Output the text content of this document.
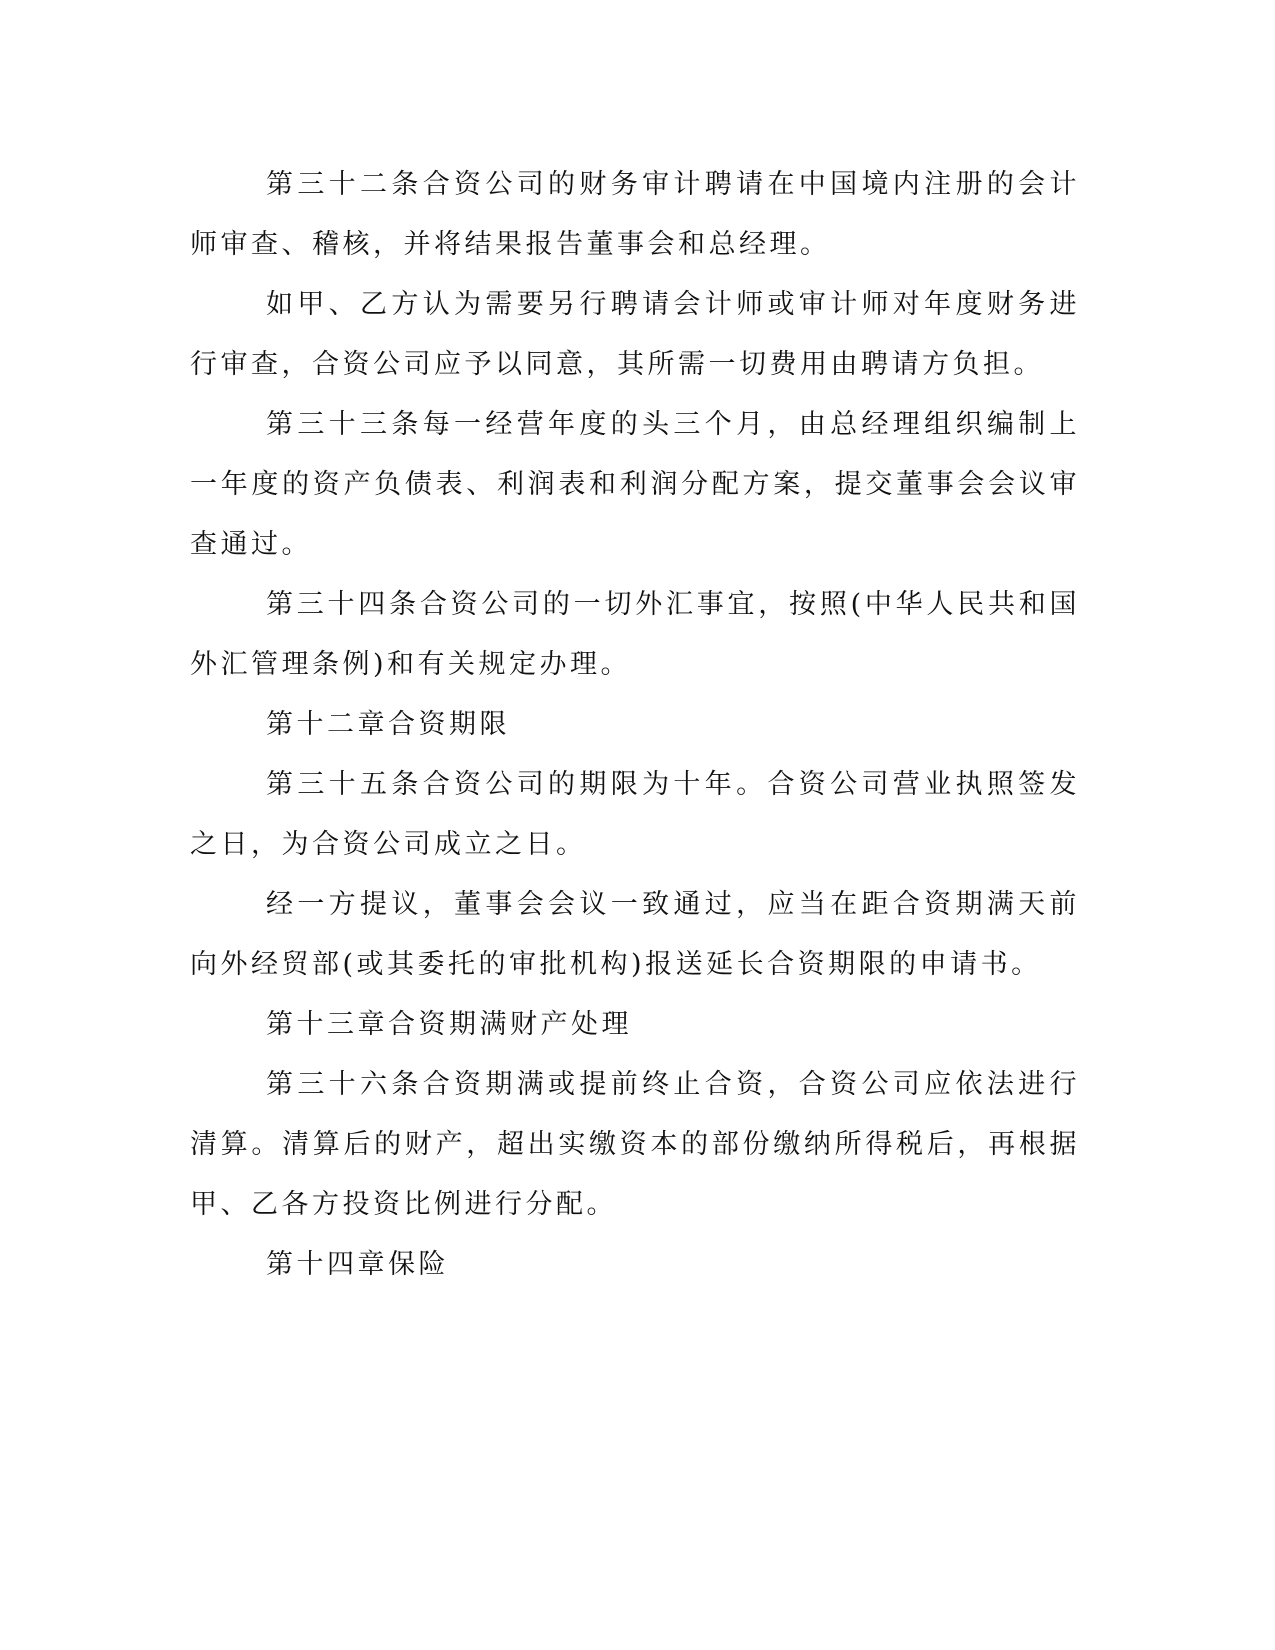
第三十二条合资公司的财务审计聘请在中国境内注册的会计师审查、稽核，并将结果报告董事会和总经理。

如甲、乙方认为需要另行聘请会计师或审计师对年度财务进行审查，合资公司应予以同意，其所需一切费用由聘请方负担。

第三十三条每一经营年度的头三个月，由总经理组织编制上一年度的资产负债表、利润表和利润分配方案，提交董事会会议审查通过。

第三十四条合资公司的一切外汇事宜，按照(中华人民共和国外汇管理条例)和有关规定办理。

第十二章合资期限

第三十五条合资公司的期限为十年。合资公司营业执照签发之日，为合资公司成立之日。

经一方提议，董事会会议一致通过，应当在距合资期满天前向外经贸部(或其委托的审批机构)报送延长合资期限的申请书。

第十三章合资期满财产处理

第三十六条合资期满或提前终止合资，合资公司应依法进行清算。清算后的财产，超出实缴资本的部份缴纳所得税后，再根据甲、乙各方投资比例进行分配。

第十四章保险
